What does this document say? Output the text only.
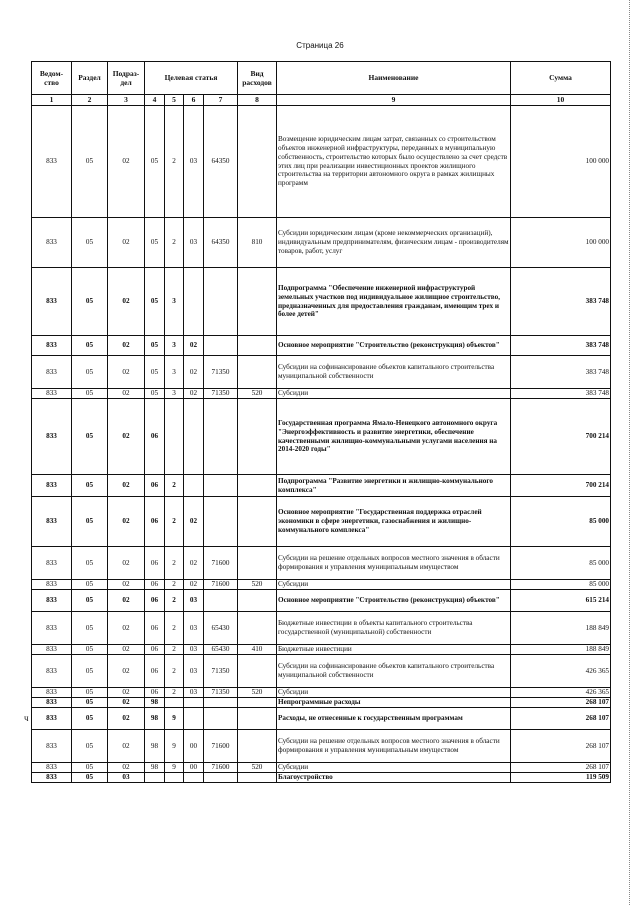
Страница 26
Ведом-ство	Раздел	Подраз-дел	Целевая статья				Вид расходов	Наименование	Сумма
1	2	3	4	5	6	7	8	9	10
833	05	02	05	2	03	64350		Возмещение юридическим лицам затрат, связанных со строительством объектов инженерной инфраструктуры, переданных в муниципальную собственность, строительство которых было осуществлено за счет средств этих лиц при реализации инвестиционных проектов жилищного строительства на территории автономного округа в рамках жилищных программ	100 000
833	05	02	05	2	03	64350	810	Субсидии юридическим лицам (кроме некоммерческих организаций), индивидуальным предпринимателям, физическим лицам - производителям товаров, работ, услуг	100 000
833	05	02	05	3				Подпрограмма "Обеспечение инженерной инфраструктурой земельных участков под индивидуальное жилищное строительство, предназначенных для предоставления гражданам, имеющим трех и более детей"	383 748
833	05	02	05	3	02			Основное мероприятие "Строительство (реконструкция) объектов"	383 748
833	05	02	05	3	02	71350		Субсидии на софинансирование объектов капитального строительства муниципальной собственности	383 748
833	05	02	05	3	02	71350	520	Субсидии	383 748
833	05	02	06					Государственная программа Ямало-Ненецкого автономного округа "Энергоэффективность и развитие энергетики, обеспечение качественными жилищно-коммунальными услугами населения на 2014-2020 годы"	700 214
833	05	02	06	2				Подпрограмма "Развитие энергетики и жилищно-коммунального комплекса"	700 214
833	05	02	06	2	02			Основное мероприятие "Государственная поддержка отраслей экономики в сфере энергетики, газоснабжения и жилищно-коммунального комплекса"	85 000
833	05	02	06	2	02	71600		Субсидии на решение отдельных вопросов местного значения в области формирования и управления муниципальным имуществом	85 000
833	05	02	06	2	02	71600	520	Субсидии	85 000
833	05	02	06	2	03			Основное мероприятие "Строительство (реконструкция) объектов"	615 214
833	05	02	06	2	03	65430		Бюджетные инвестиции в объекты капитального строительства государственной (муниципальной) собственности	188 849
833	05	02	06	2	03	65430	410	Бюджетные инвестиции	188 849
833	05	02	06	2	03	71350		Субсидии на софинансирование объектов капитального строительства муниципальной собственности	426 365
833	05	02	06	2	03	71350	520	Субсидии	426 365
833	05	02	98					Непрограммные расходы	268 107
833	05	02	98	9				Расходы, не отнесенные к государственным программам	268 107
833	05	02	98	9	00	71600		Субсидии на решение отдельных вопросов местного значения в области формирования и управления муниципальным имуществом	268 107
833	05	02	98	9	00	71600	520	Субсидии	268 107
833	05	03						Благоустройство	119 509
ч
